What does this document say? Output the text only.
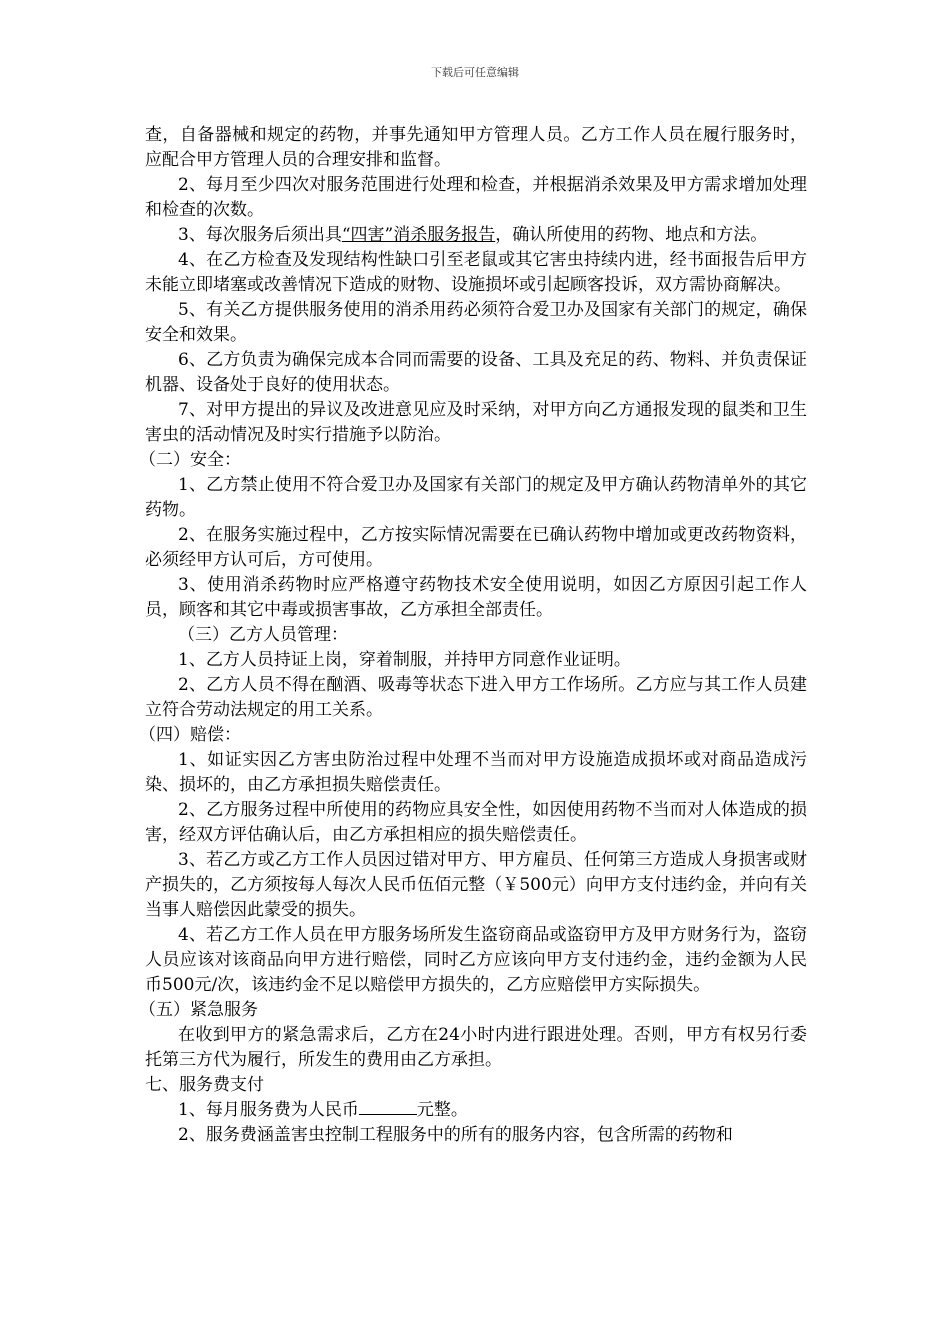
下载后可任意编辑

查，自备器械和规定的药物，并事先通知甲方管理人员。乙方工作人员在履行服务时，应配合甲方管理人员的合理安排和监督。

2、每月至少四次对服务范围进行处理和检查，并根据消杀效果及甲方需求增加处理和检查的次数。

3、每次服务后须出具“四害”消杀服务报告，确认所使用的药物、地点和方法。

4、在乙方检查及发现结构性缺口引至老鼠或其它害虫持续内进，经书面报告后甲方未能立即堵塞或改善情况下造成的财物、设施损坏或引起顾客投诉，双方需协商解决。

5、有关乙方提供服务使用的消杀用药必须符合爱卫办及国家有关部门的规定，确保安全和效果。

6、乙方负责为确保完成本合同而需要的设备、工具及充足的药、物料、并负责保证机器、设备处于良好的使用状态。

7、对甲方提出的异议及改进意见应及时采纳，对甲方向乙方通报发现的鼠类和卫生害虫的活动情况及时实行措施予以防治。

（二）安全：

1、乙方禁止使用不符合爱卫办及国家有关部门的规定及甲方确认药物清单外的其它药物。

2、在服务实施过程中，乙方按实际情况需要在已确认药物中增加或更改药物资料，必须经甲方认可后，方可使用。

3、使用消杀药物时应严格遵守药物技术安全使用说明，如因乙方原因引起工作人员，顾客和其它中毒或损害事故，乙方承担全部责任。

（三）乙方人员管理：

1、乙方人员持证上岗，穿着制服，并持甲方同意作业证明。

2、乙方人员不得在酗酒、吸毒等状态下进入甲方工作场所。乙方应与其工作人员建立符合劳动法规定的用工关系。

（四）赔偿：

1、如证实因乙方害虫防治过程中处理不当而对甲方设施造成损坏或对商品造成污染、损坏的，由乙方承担损失赔偿责任。

2、乙方服务过程中所使用的药物应具安全性，如因使用药物不当而对人体造成的损害，经双方评估确认后，由乙方承担相应的损失赔偿责任。

3、若乙方或乙方工作人员因过错对甲方、甲方雇员、任何第三方造成人身损害或财产损失的，乙方须按每人每次人民币伍佰元整（￥500元）向甲方支付违约金，并向有关当事人赔偿因此蒙受的损失。

4、若乙方工作人员在甲方服务场所发生盗窃商品或盗窃甲方及甲方财务行为，盗窃人员应该对该商品向甲方进行赔偿，同时乙方应该向甲方支付违约金，违约金额为人民币500元/次，该违约金不足以赔偿甲方损失的，乙方应赔偿甲方实际损失。

（五）紧急服务

在收到甲方的紧急需求后，乙方在24小时内进行跟进处理。否则，甲方有权另行委托第三方代为履行，所发生的费用由乙方承担。

七、服务费支付

1、每月服务费为人民币	元整。

2、服务费涵盖害虫控制工程服务中的所有的服务内容，包含所需的药物和
